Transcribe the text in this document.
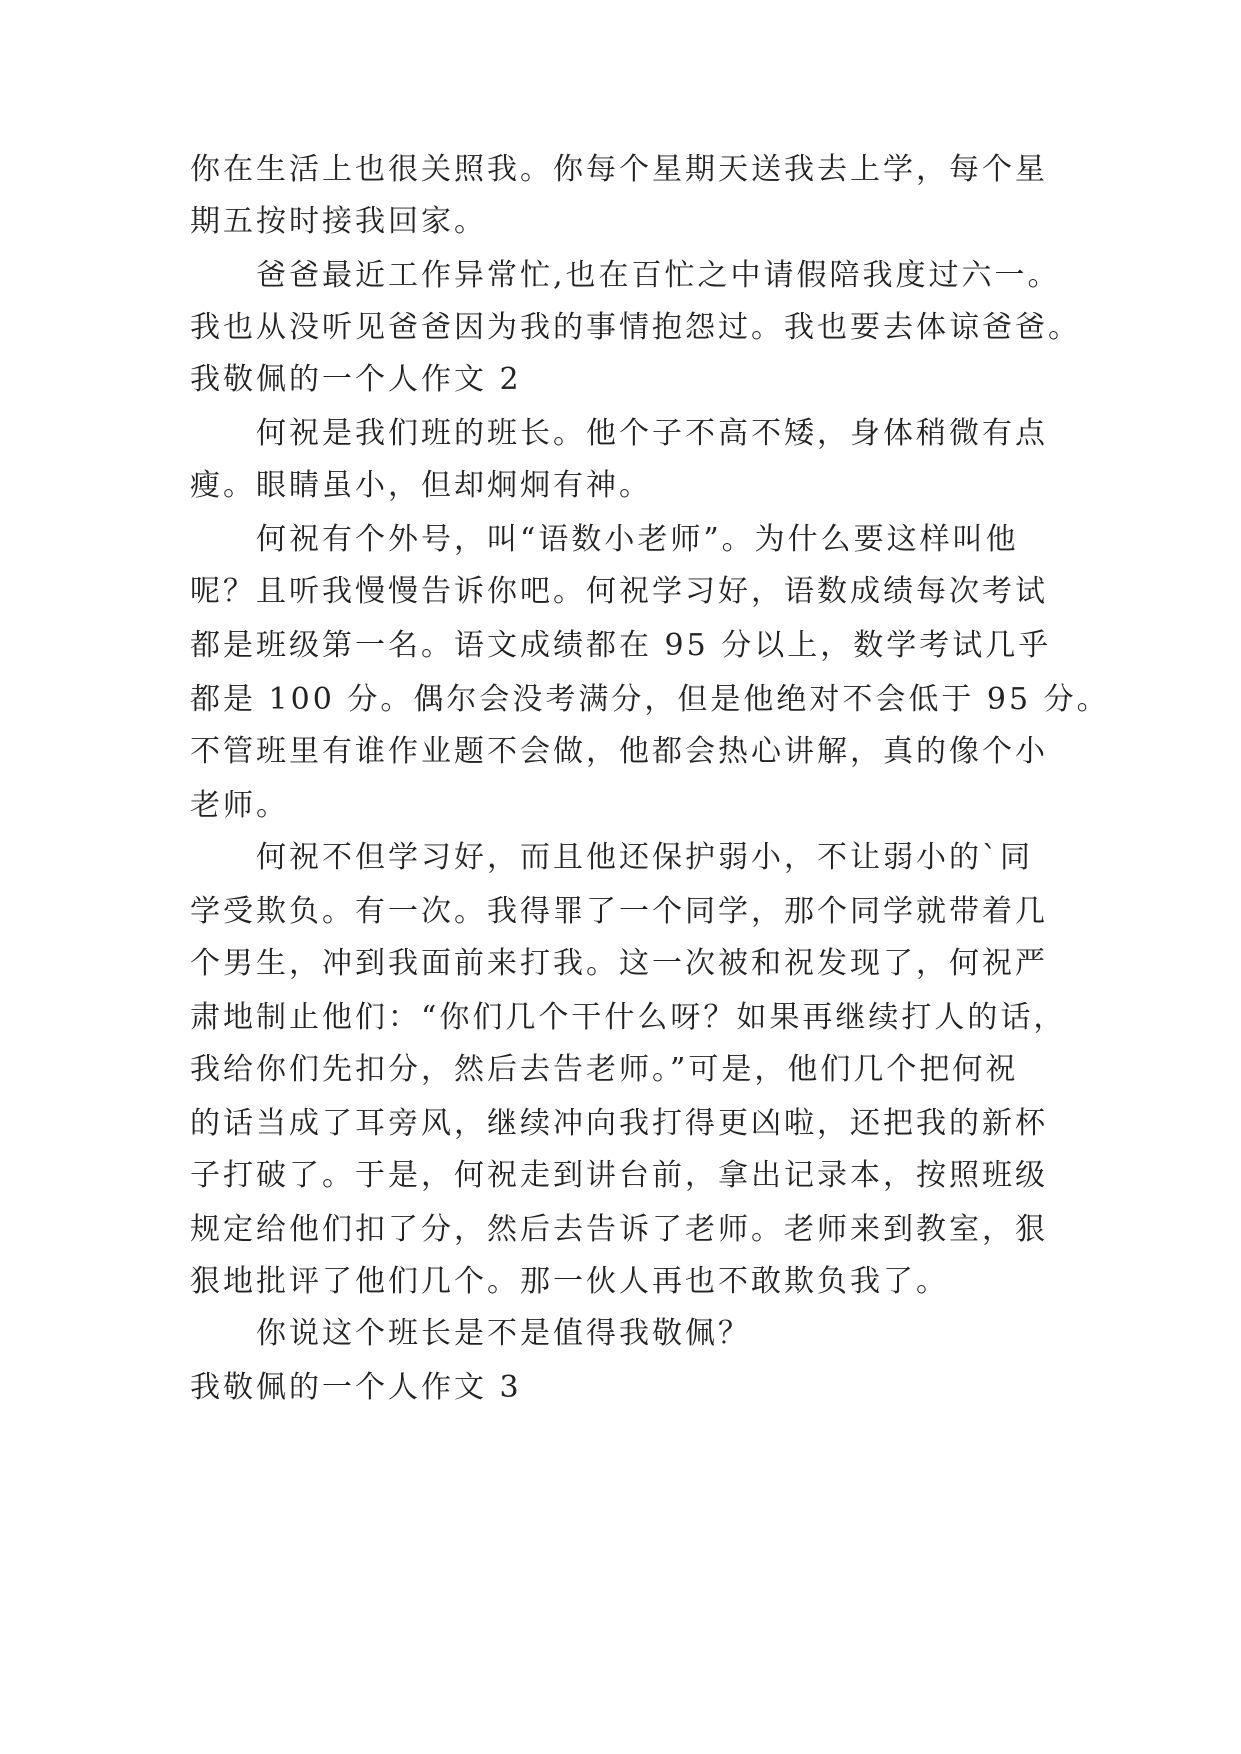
你在生活上也很关照我。你每个星期天送我去上学，每个星
期五按时接我回家。
爸爸最近工作异常忙,也在百忙之中请假陪我度过六一。
我也从没听见爸爸因为我的事情抱怨过。我也要去体谅爸爸。
我敬佩的一个人作文 2
何祝是我们班的班长。他个子不高不矮，身体稍微有点
瘦。眼睛虽小，但却炯炯有神。
何祝有个外号，叫“语数小老师”。为什么要这样叫他
呢？且听我慢慢告诉你吧。何祝学习好，语数成绩每次考试
都是班级第一名。语文成绩都在 95 分以上，数学考试几乎
都是 100 分。偶尔会没考满分，但是他绝对不会低于 95 分。
不管班里有谁作业题不会做，他都会热心讲解，真的像个小
老师。
何祝不但学习好，而且他还保护弱小，不让弱小的`同
学受欺负。有一次。我得罪了一个同学，那个同学就带着几
个男生，冲到我面前来打我。这一次被和祝发现了，何祝严
肃地制止他们：“你们几个干什么呀？如果再继续打人的话，
我给你们先扣分，然后去告老师。”可是，他们几个把何祝
的话当成了耳旁风，继续冲向我打得更凶啦，还把我的新杯
子打破了。于是，何祝走到讲台前，拿出记录本，按照班级
规定给他们扣了分，然后去告诉了老师。老师来到教室，狠
狠地批评了他们几个。那一伙人再也不敢欺负我了。
你说这个班长是不是值得我敬佩？
我敬佩的一个人作文 3
